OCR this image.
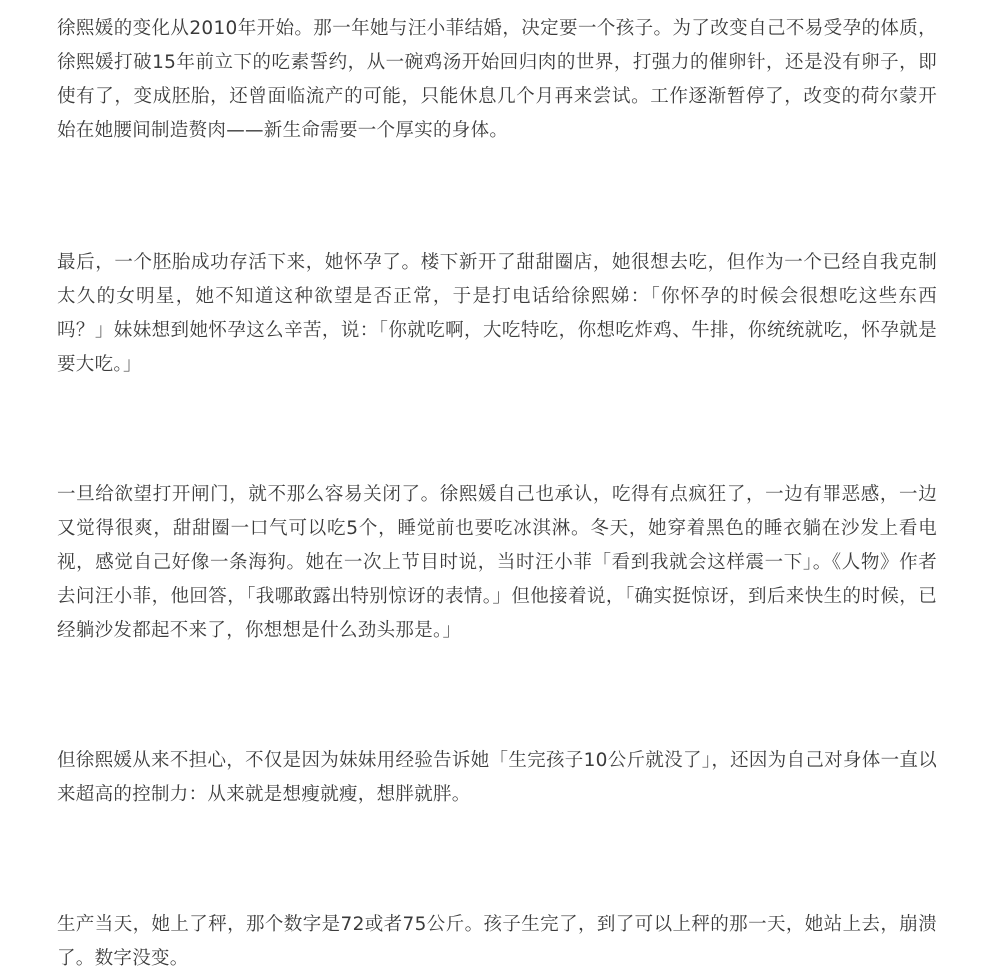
徐熙媛的变化从2010年开始。那一年她与汪小菲结婚，决定要一个孩子。为了改变自己不易受孕的体质，徐熙媛打破15年前立下的吃素誓约，从一碗鸡汤开始回归肉的世界，打强力的催卵针，还是没有卵子，即使有了，变成胚胎，还曾面临流产的可能，只能休息几个月再来尝试。工作逐渐暂停了，改变的荷尔蒙开始在她腰间制造赘肉——新生命需要一个厚实的身体。

最后，一个胚胎成功存活下来，她怀孕了。楼下新开了甜甜圈店，她很想去吃，但作为一个已经自我克制太久的女明星，她不知道这种欲望是否正常，于是打电话给徐熙娣：「你怀孕的时候会很想吃这些东西吗？」妹妹想到她怀孕这么辛苦，说：「你就吃啊，大吃特吃，你想吃炸鸡、牛排，你统统就吃，怀孕就是要大吃。」

一旦给欲望打开闸门，就不那么容易关闭了。徐熙媛自己也承认，吃得有点疯狂了，一边有罪恶感，一边又觉得很爽，甜甜圈一口气可以吃5个，睡觉前也要吃冰淇淋。冬天，她穿着黑色的睡衣躺在沙发上看电视，感觉自己好像一条海狗。她在一次上节目时说，当时汪小菲「看到我就会这样震一下」。《人物》作者去问汪小菲，他回答，「我哪敢露出特别惊讶的表情。」但他接着说，「确实挺惊讶，到后来快生的时候，已经躺沙发都起不来了，你想想是什么劲头那是。」

但徐熙媛从来不担心，不仅是因为妹妹用经验告诉她「生完孩子10公斤就没了」，还因为自己对身体一直以来超高的控制力：从来就是想瘦就瘦，想胖就胖。

生产当天，她上了秤，那个数字是72或者75公斤。孩子生完了，到了可以上秤的那一天，她站上去，崩溃了。数字没变。
